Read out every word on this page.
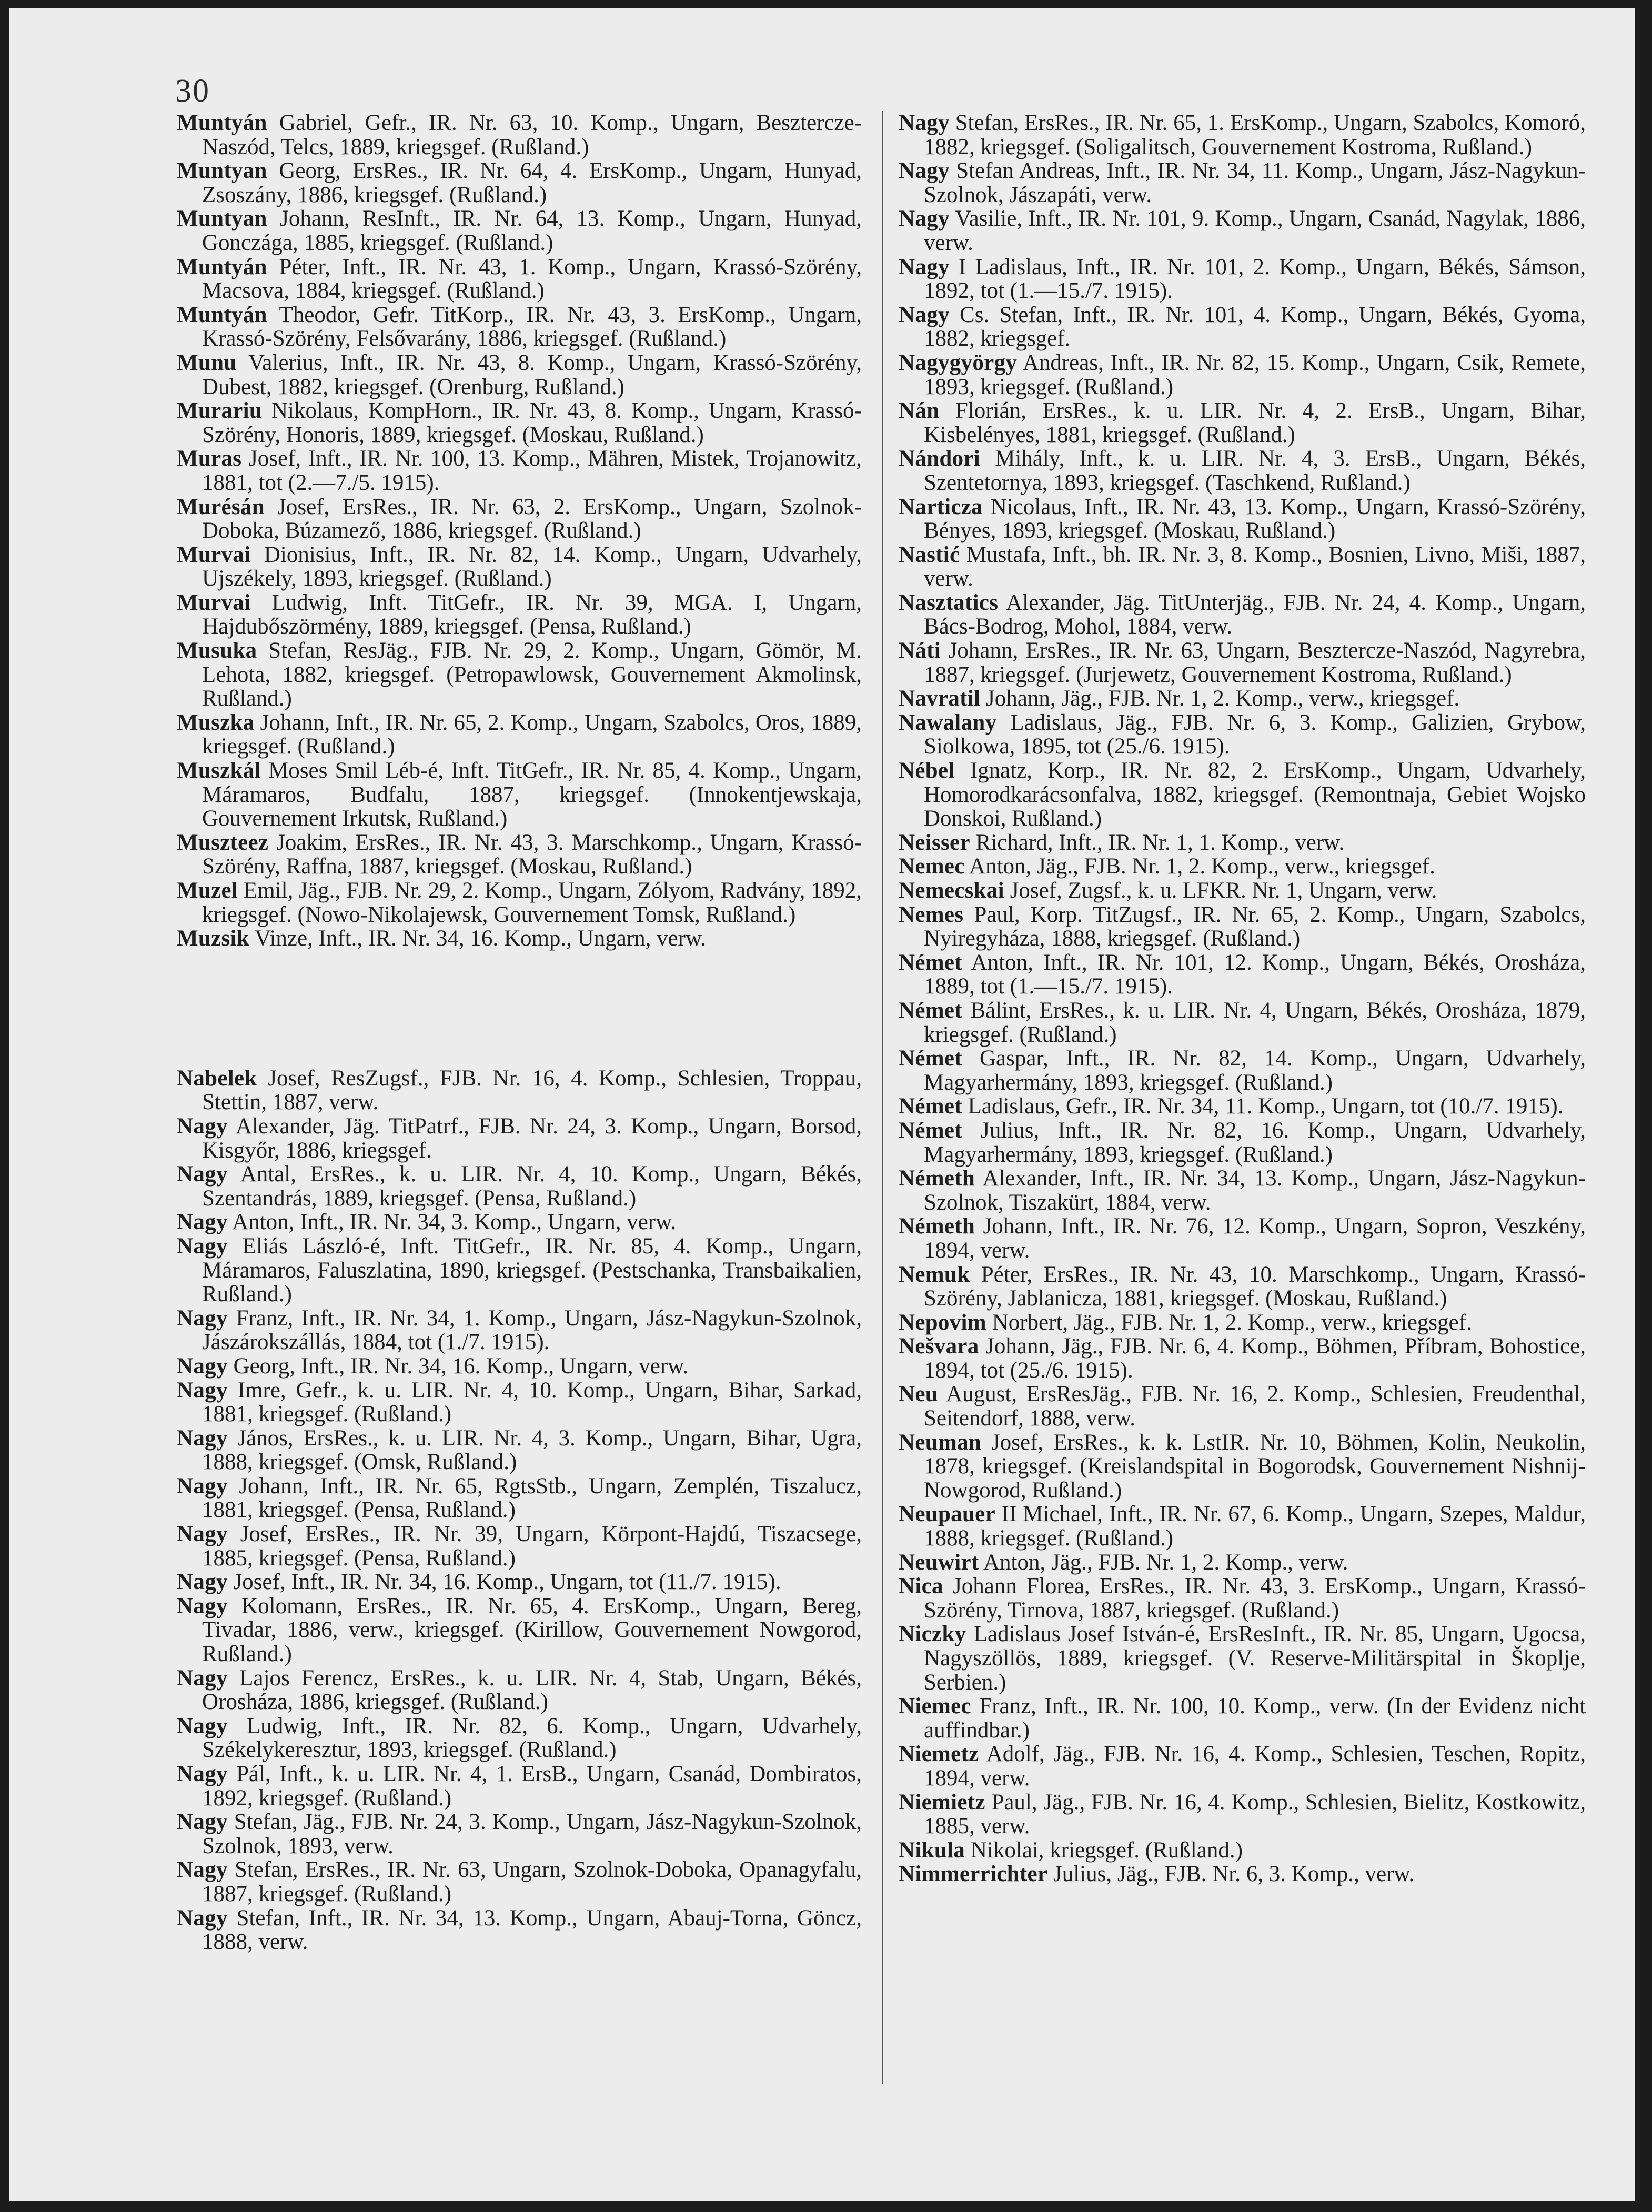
30

Muntyán Gabriel, Gefr., IR. Nr. 63, 10. Komp., Ungarn, Besztercze-Naszód, Telcs, 1889, kriegsgef. (Rußland.)

Muntyan Georg, ErsRes., IR. Nr. 64, 4. ErsKomp., Ungarn, Hunyad, Zsoszány, 1886, kriegsgef. (Rußland.)

Muntyan Johann, ResInft., IR. Nr. 64, 13. Komp., Ungarn, Hunyad, Gonczága, 1885, kriegsgef. (Rußland.)

Muntyán Péter, Inft., IR. Nr. 43, 1. Komp., Ungarn, Krassó-Szörény, Macsova, 1884, kriegsgef. (Rußland.)

Muntyán Theodor, Gefr. TitKorp., IR. Nr. 43, 3. ErsKomp., Ungarn, Krassó-Szörény, Felsővarány, 1886, kriegsgef. (Rußland.)

Munu Valerius, Inft., IR. Nr. 43, 8. Komp., Ungarn, Krassó-Szörény, Dubest, 1882, kriegsgef. (Orenburg, Rußland.)

Murariu Nikolaus, KompHorn., IR. Nr. 43, 8. Komp., Ungarn, Krassó-Szörény, Honoris, 1889, kriegsgef. (Moskau, Rußland.)

Muras Josef, Inft., IR. Nr. 100, 13. Komp., Mähren, Mistek, Trojanowitz, 1881, tot (2.—7./5. 1915).

Murésán Josef, ErsRes., IR. Nr. 63, 2. ErsKomp., Ungarn, Szolnok-Doboka, Búzamező, 1886, kriegsgef. (Rußland.)

Murvai Dionisius, Inft., IR. Nr. 82, 14. Komp., Ungarn, Udvarhely, Ujszékely, 1893, kriegsgef. (Rußland.)

Murvai Ludwig, Inft. TitGefr., IR. Nr. 39, MGA. I, Ungarn, Hajdubőszörmény, 1889, kriegsgef. (Pensa, Rußland.)

Musuka Stefan, ResJäg., FJB. Nr. 29, 2. Komp., Ungarn, Gömör, M. Lehota, 1882, kriegsgef. (Petropawlowsk, Gouvernement Akmolinsk, Rußland.)

Muszka Johann, Inft., IR. Nr. 65, 2. Komp., Ungarn, Szabolcs, Oros, 1889, kriegsgef. (Rußland.)

Muszkál Moses Smil Léb-é, Inft. TitGefr., IR. Nr. 85, 4. Komp., Ungarn, Máramaros, Budfalu, 1887, kriegsgef. (Innokentjewskaja, Gouvernement Irkutsk, Rußland.)

Muszteez Joakim, ErsRes., IR. Nr. 43, 3. Marschkomp., Ungarn, Krassó-Szörény, Raffna, 1887, kriegsgef. (Moskau, Rußland.)

Muzel Emil, Jäg., FJB. Nr. 29, 2. Komp., Ungarn, Zólyom, Radvány, 1892, kriegsgef. (Nowo-Nikolajewsk, Gouvernement Tomsk, Rußland.)

Muzsik Vinze, Inft., IR. Nr. 34, 16. Komp., Ungarn, verw.

Nabelek Josef, ResZugsf., FJB. Nr. 16, 4. Komp., Schlesien, Troppau, Stettin, 1887, verw.

Nagy Alexander, Jäg. TitPatrf., FJB. Nr. 24, 3. Komp., Ungarn, Borsod, Kisgyőr, 1886, kriegsgef.

Nagy Antal, ErsRes., k. u. LIR. Nr. 4, 10. Komp., Ungarn, Békés, Szentandrás, 1889, kriegsgef. (Pensa, Rußland.)

Nagy Anton, Inft., IR. Nr. 34, 3. Komp., Ungarn, verw.

Nagy Eliás László-é, Inft. TitGefr., IR. Nr. 85, 4. Komp., Ungarn, Máramaros, Faluszlatina, 1890, kriegsgef. (Pestschanka, Transbaikalien, Rußland.)

Nagy Franz, Inft., IR. Nr. 34, 1. Komp., Ungarn, Jász-Nagykun-Szolnok, Jászárokszállás, 1884, tot (1./7. 1915).

Nagy Georg, Inft., IR. Nr. 34, 16. Komp., Ungarn, verw.

Nagy Imre, Gefr., k. u. LIR. Nr. 4, 10. Komp., Ungarn, Bihar, Sarkad, 1881, kriegsgef. (Rußland.)

Nagy János, ErsRes., k. u. LIR. Nr. 4, 3. Komp., Ungarn, Bihar, Ugra, 1888, kriegsgef. (Omsk, Rußland.)

Nagy Johann, Inft., IR. Nr. 65, RgtsStb., Ungarn, Zemplén, Tiszalucz, 1881, kriegsgef. (Pensa, Rußland.)

Nagy Josef, ErsRes., IR. Nr. 39, Ungarn, Körpont-Hajdú, Tiszacsege, 1885, kriegsgef. (Pensa, Rußland.)

Nagy Josef, Inft., IR. Nr. 34, 16. Komp., Ungarn, tot (11./7. 1915).

Nagy Kolomann, ErsRes., IR. Nr. 65, 4. ErsKomp., Ungarn, Bereg, Tivadar, 1886, verw., kriegsgef. (Kirillow, Gouvernement Nowgorod, Rußland.)

Nagy Lajos Ferencz, ErsRes., k. u. LIR. Nr. 4, Stab, Ungarn, Békés, Orosháza, 1886, kriegsgef. (Rußland.)

Nagy Ludwig, Inft., IR. Nr. 82, 6. Komp., Ungarn, Udvarhely, Székelykeresztur, 1893, kriegsgef. (Rußland.)

Nagy Pál, Inft., k. u. LIR. Nr. 4, 1. ErsB., Ungarn, Csanád, Dombiratos, 1892, kriegsgef. (Rußland.)

Nagy Stefan, Jäg., FJB. Nr. 24, 3. Komp., Ungarn, Jász-Nagykun-Szolnok, Szolnok, 1893, verw.

Nagy Stefan, ErsRes., IR. Nr. 63, Ungarn, Szolnok-Doboka, Opanagyfalu, 1887, kriegsgef. (Rußland.)

Nagy Stefan, Inft., IR. Nr. 34, 13. Komp., Ungarn, Abauj-Torna, Göncz, 1888, verw.

Nagy Stefan, ErsRes., IR. Nr. 65, 1. ErsKomp., Ungarn, Szabolcs, Komoró, 1882, kriegsgef. (Soligalitsch, Gouvernement Kostroma, Rußland.)

Nagy Stefan Andreas, Inft., IR. Nr. 34, 11. Komp., Ungarn, Jász-Nagykun-Szolnok, Jászapáti, verw.

Nagy Vasilie, Inft., IR. Nr. 101, 9. Komp., Ungarn, Csanád, Nagylak, 1886, verw.

Nagy I Ladislaus, Inft., IR. Nr. 101, 2. Komp., Ungarn, Békés, Sámson, 1892, tot (1.—15./7. 1915).

Nagy Cs. Stefan, Inft., IR. Nr. 101, 4. Komp., Ungarn, Békés, Gyoma, 1882, kriegsgef.

Nagygyörgy Andreas, Inft., IR. Nr. 82, 15. Komp., Ungarn, Csik, Remete, 1893, kriegsgef. (Rußland.)

Nán Florián, ErsRes., k. u. LIR. Nr. 4, 2. ErsB., Ungarn, Bihar, Kisbelényes, 1881, kriegsgef. (Rußland.)

Nándori Mihály, Inft., k. u. LIR. Nr. 4, 3. ErsB., Ungarn, Békés, Szentetornya, 1893, kriegsgef. (Taschkend, Rußland.)

Narticza Nicolaus, Inft., IR. Nr. 43, 13. Komp., Ungarn, Krassó-Szörény, Bényes, 1893, kriegsgef. (Moskau, Rußland.)

Nastić Mustafa, Inft., bh. IR. Nr. 3, 8. Komp., Bosnien, Livno, Miši, 1887, verw.

Nasztatics Alexander, Jäg. TitUnterjäg., FJB. Nr. 24, 4. Komp., Ungarn, Bács-Bodrog, Mohol, 1884, verw.

Náti Johann, ErsRes., IR. Nr. 63, Ungarn, Besztercze-Naszód, Nagyrebra, 1887, kriegsgef. (Jurjewetz, Gouvernement Kostroma, Rußland.)

Navratil Johann, Jäg., FJB. Nr. 1, 2. Komp., verw., kriegsgef.

Nawalany Ladislaus, Jäg., FJB. Nr. 6, 3. Komp., Galizien, Grybow, Siolkowa, 1895, tot (25./6. 1915).

Nébel Ignatz, Korp., IR. Nr. 82, 2. ErsKomp., Ungarn, Udvarhely, Homorodkarácsonfalva, 1882, kriegsgef. (Remontnaja, Gebiet Wojsko Donskoi, Rußland.)

Neisser Richard, Inft., IR. Nr. 1, 1. Komp., verw.

Nemec Anton, Jäg., FJB. Nr. 1, 2. Komp., verw., kriegsgef.

Nemecskai Josef, Zugsf., k. u. LFKR. Nr. 1, Ungarn, verw.

Nemes Paul, Korp. TitZugsf., IR. Nr. 65, 2. Komp., Ungarn, Szabolcs, Nyiregyháza, 1888, kriegsgef. (Rußland.)

Német Anton, Inft., IR. Nr. 101, 12. Komp., Ungarn, Békés, Orosháza, 1889, tot (1.—15./7. 1915).

Német Bálint, ErsRes., k. u. LIR. Nr. 4, Ungarn, Békés, Orosháza, 1879, kriegsgef. (Rußland.)

Német Gaspar, Inft., IR. Nr. 82, 14. Komp., Ungarn, Udvarhely, Magyarhermány, 1893, kriegsgef. (Rußland.)

Német Ladislaus, Gefr., IR. Nr. 34, 11. Komp., Ungarn, tot (10./7. 1915).

Német Julius, Inft., IR. Nr. 82, 16. Komp., Ungarn, Udvarhely, Magyarhermány, 1893, kriegsgef. (Rußland.)

Németh Alexander, Inft., IR. Nr. 34, 13. Komp., Ungarn, Jász-Nagykun-Szolnok, Tiszakürt, 1884, verw.

Németh Johann, Inft., IR. Nr. 76, 12. Komp., Ungarn, Sopron, Veszkény, 1894, verw.

Nemuk Péter, ErsRes., IR. Nr. 43, 10. Marschkomp., Ungarn, Krassó-Szörény, Jablanicza, 1881, kriegsgef. (Moskau, Rußland.)

Nepovim Norbert, Jäg., FJB. Nr. 1, 2. Komp., verw., kriegsgef.

Nešvara Johann, Jäg., FJB. Nr. 6, 4. Komp., Böhmen, Příbram, Bohostice, 1894, tot (25./6. 1915).

Neu August, ErsResJäg., FJB. Nr. 16, 2. Komp., Schlesien, Freudenthal, Seitendorf, 1888, verw.

Neuman Josef, ErsRes., k. k. LstIR. Nr. 10, Böhmen, Kolin, Neukolin, 1878, kriegsgef. (Kreislandspital in Bogorodsk, Gouvernement Nishnij-Nowgorod, Rußland.)

Neupauer II Michael, Inft., IR. Nr. 67, 6. Komp., Ungarn, Szepes, Maldur, 1888, kriegsgef. (Rußland.)

Neuwirt Anton, Jäg., FJB. Nr. 1, 2. Komp., verw.

Nica Johann Florea, ErsRes., IR. Nr. 43, 3. ErsKomp., Ungarn, Krassó-Szörény, Tirnova, 1887, kriegsgef. (Rußland.)

Niczky Ladislaus Josef István-é, ErsResInft., IR. Nr. 85, Ungarn, Ugocsa, Nagyszöllös, 1889, kriegsgef. (V. Reserve-Militärspital in Škoplje, Serbien.)

Niemec Franz, Inft., IR. Nr. 100, 10. Komp., verw. (In der Evidenz nicht auffindbar.)

Niemetz Adolf, Jäg., FJB. Nr. 16, 4. Komp., Schlesien, Teschen, Ropitz, 1894, verw.

Niemietz Paul, Jäg., FJB. Nr. 16, 4. Komp., Schlesien, Bielitz, Kostkowitz, 1885, verw.

Nikula Nikolai, kriegsgef. (Rußland.)

Nimmerrichter Julius, Jäg., FJB. Nr. 6, 3. Komp., verw.
